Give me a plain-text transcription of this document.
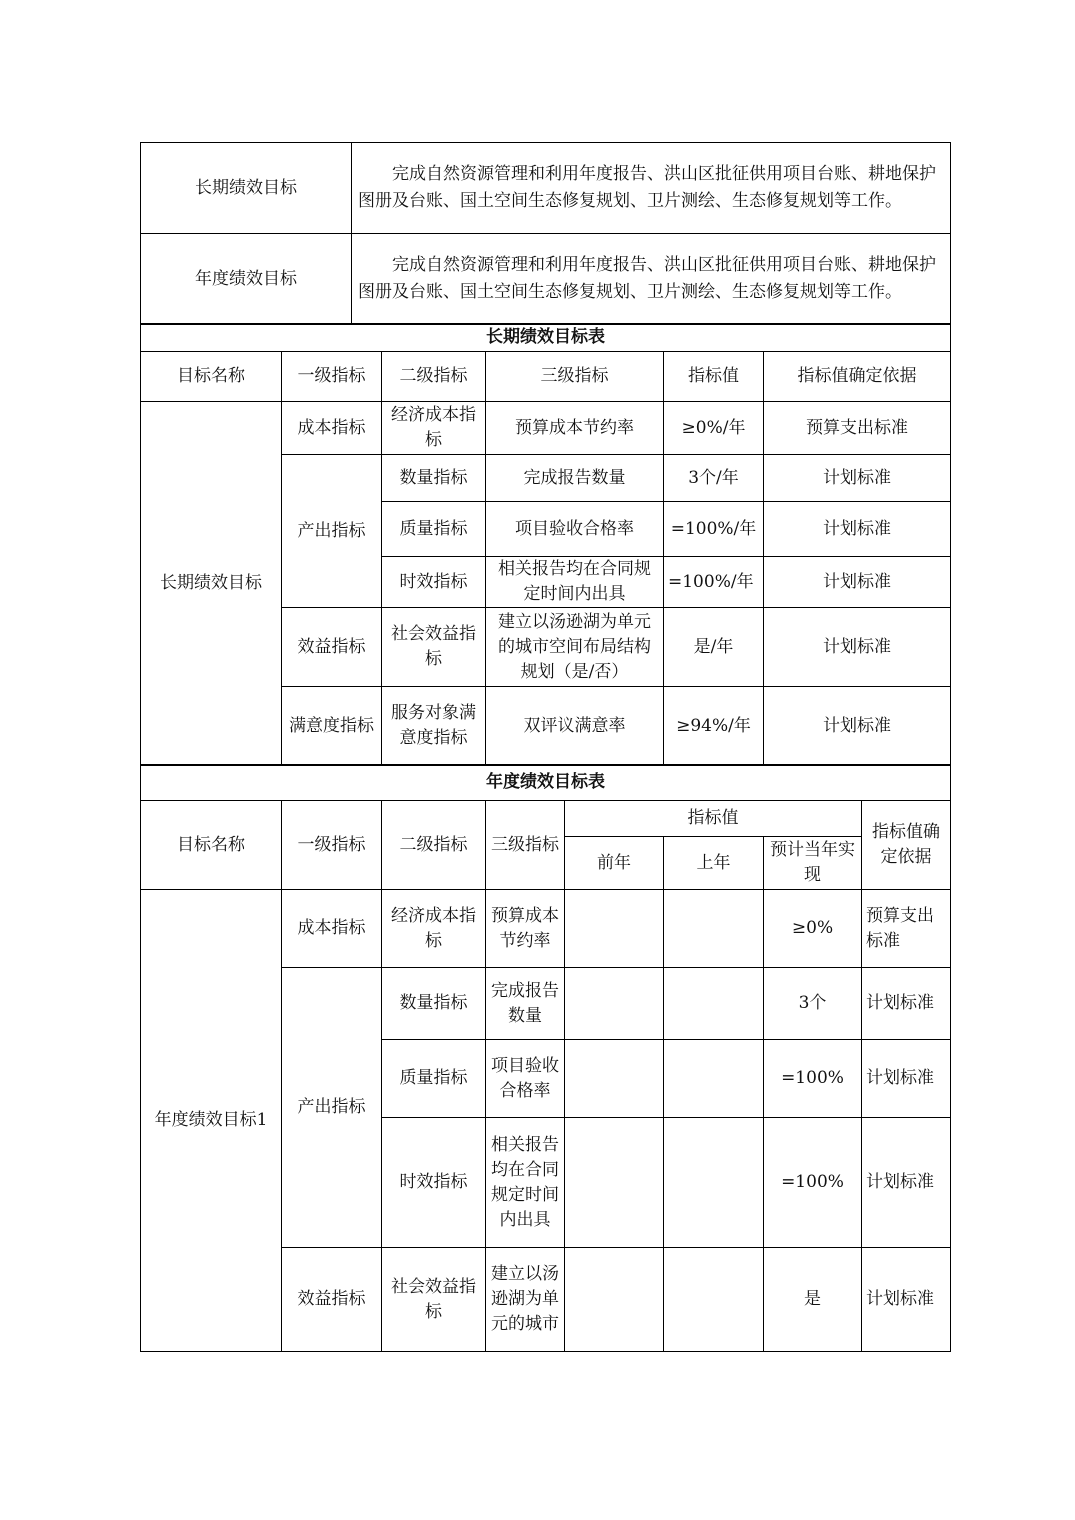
长期绩效目标	完成自然资源管理和利用年度报告、洪山区批征供用项目台账、耕地保护图册及台账、国土空间生态修复规划、卫片测绘、生态修复规划等工作。
年度绩效目标	完成自然资源管理和利用年度报告、洪山区批征供用项目台账、耕地保护图册及台账、国土空间生态修复规划、卫片测绘、生态修复规划等工作。
长期绩效目标表					
目标名称	一级指标	二级指标	三级指标	指标值	指标值确定依据
长期绩效目标	成本指标	经济成本指标	预算成本节约率	≥0%/年	预算支出标准
	产出指标	数量指标	完成报告数量	3个/年	计划标准
		质量指标	项目验收合格率	=100%/年	计划标准
		时效指标	相关报告均在合同规定时间内出具	=100%/年	计划标准
	效益指标	社会效益指标	建立以汤逊湖为单元的城市空间布局结构规划（是/否）	是/年	计划标准
	满意度指标	服务对象满意度指标	双评议满意率	≥94%/年	计划标准
年度绩效目标表							
目标名称	一级指标	二级指标	三级指标	指标值			指标值确定依据
				前年	上年	预计当年实现	
年度绩效目标1	成本指标	经济成本指标	预算成本节约率			≥0%	预算支出标准
	产出指标	数量指标	完成报告数量			3个	计划标准
		质量指标	项目验收合格率			=100%	计划标准
		时效指标	相关报告均在合同规定时间内出具			=100%	计划标准
	效益指标	社会效益指标	建立以汤逊湖为单元的城市			是	计划标准
